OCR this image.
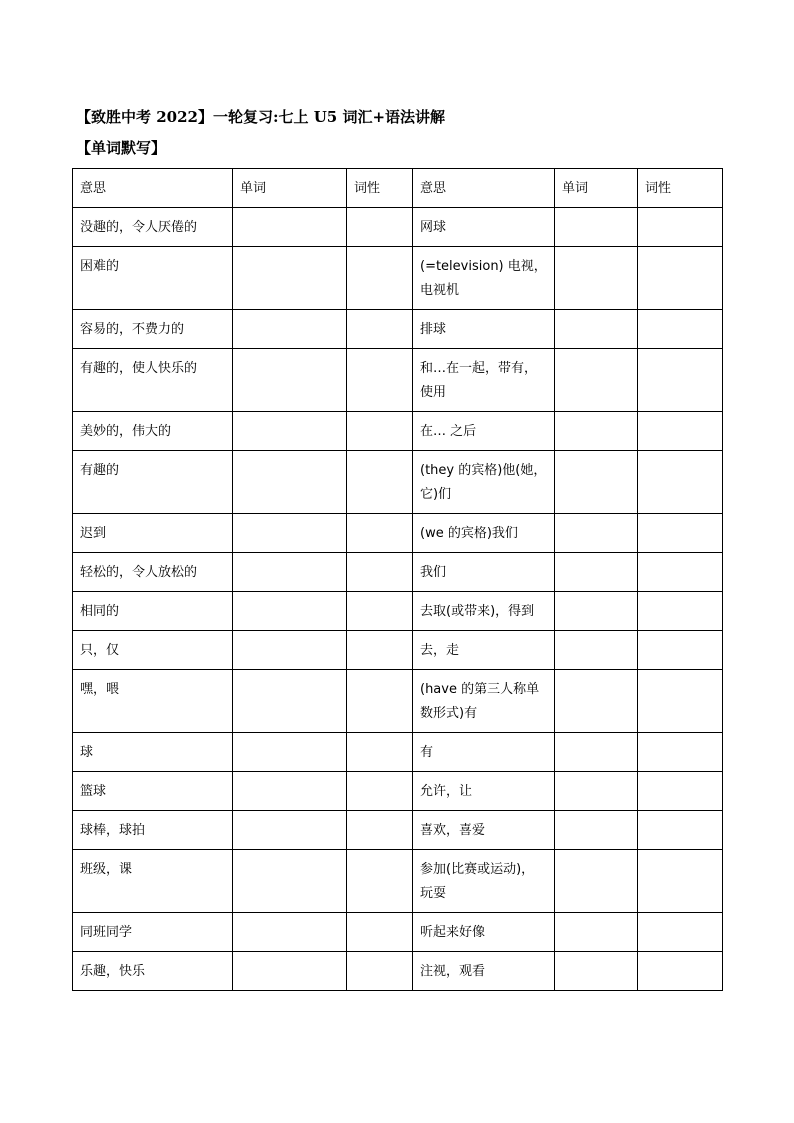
【致胜中考 2022】一轮复习:七上 U5 词汇+语法讲解
【单词默写】
意思	单词	词性	意思	单词	词性

没趣的，令人厌倦的			网球		

困难的			(=television) 电视，电视机		

容易的，不费力的			排球		

有趣的，使人快乐的			和…在一起，带有，使用		

美妙的，伟大的			在… 之后		

有趣的			(they 的宾格)他(她，它)们		

迟到			(we 的宾格)我们		

轻松的，令人放松的			我们		

相同的			去取(或带来)，得到		

只，仅			去，走		

嘿，喂			(have 的第三人称单数形式)有		

球			有		

篮球			允许，让		

球棒，球拍			喜欢，喜爱		

班级，课			参加(比赛或运动)，玩耍		

同班同学			听起来好像		

乐趣，快乐			注视，观看		
